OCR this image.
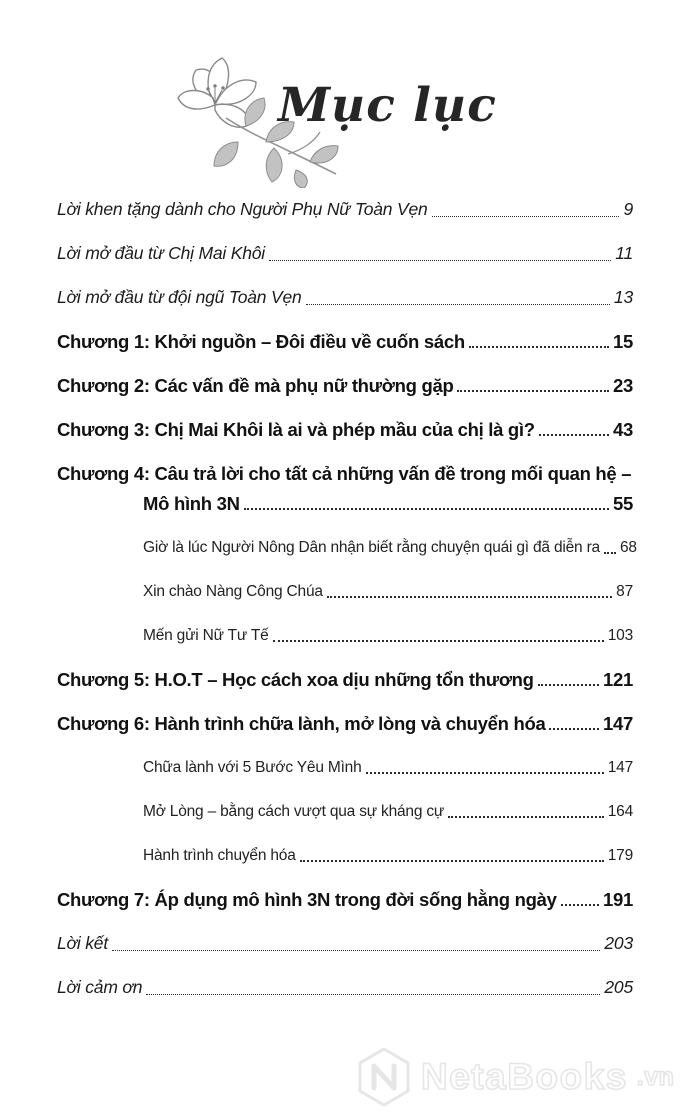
Mục lục
Lời khen tặng dành cho Người Phụ Nữ Toàn Vẹn	9
Lời mở đầu từ Chị Mai Khôi	11
Lời mở đầu từ đội ngũ Toàn Vẹn	13
Chương 1: Khởi nguồn – Đôi điều về cuốn sách	15
Chương 2: Các vấn đề mà phụ nữ thường gặp	23
Chương 3: Chị Mai Khôi là ai và phép mầu của chị là gì?	43
Chương 4: Câu trả lời cho tất cả những vấn đề trong mối quan hệ –
Mô hình 3N	55
Giờ là lúc Người Nông Dân nhận biết rằng chuyện quái gì đã diễn ra 68
Xin chào Nàng Công Chúa	87
Mến gửi Nữ Tư Tế	103
Chương 5: H.O.T – Học cách xoa dịu những tổn thương	121
Chương 6: Hành trình chữa lành, mở lòng và chuyển hóa	147
Chữa lành với 5 Bước Yêu Mình	147
Mở Lòng – bằng cách vượt qua sự kháng cự	164
Hành trình chuyển hóa	179
Chương 7: Áp dụng mô hình 3N trong đời sống hằng ngày	191
Lời kết	203
Lời cảm ơn	205
NetaBooks .vn
